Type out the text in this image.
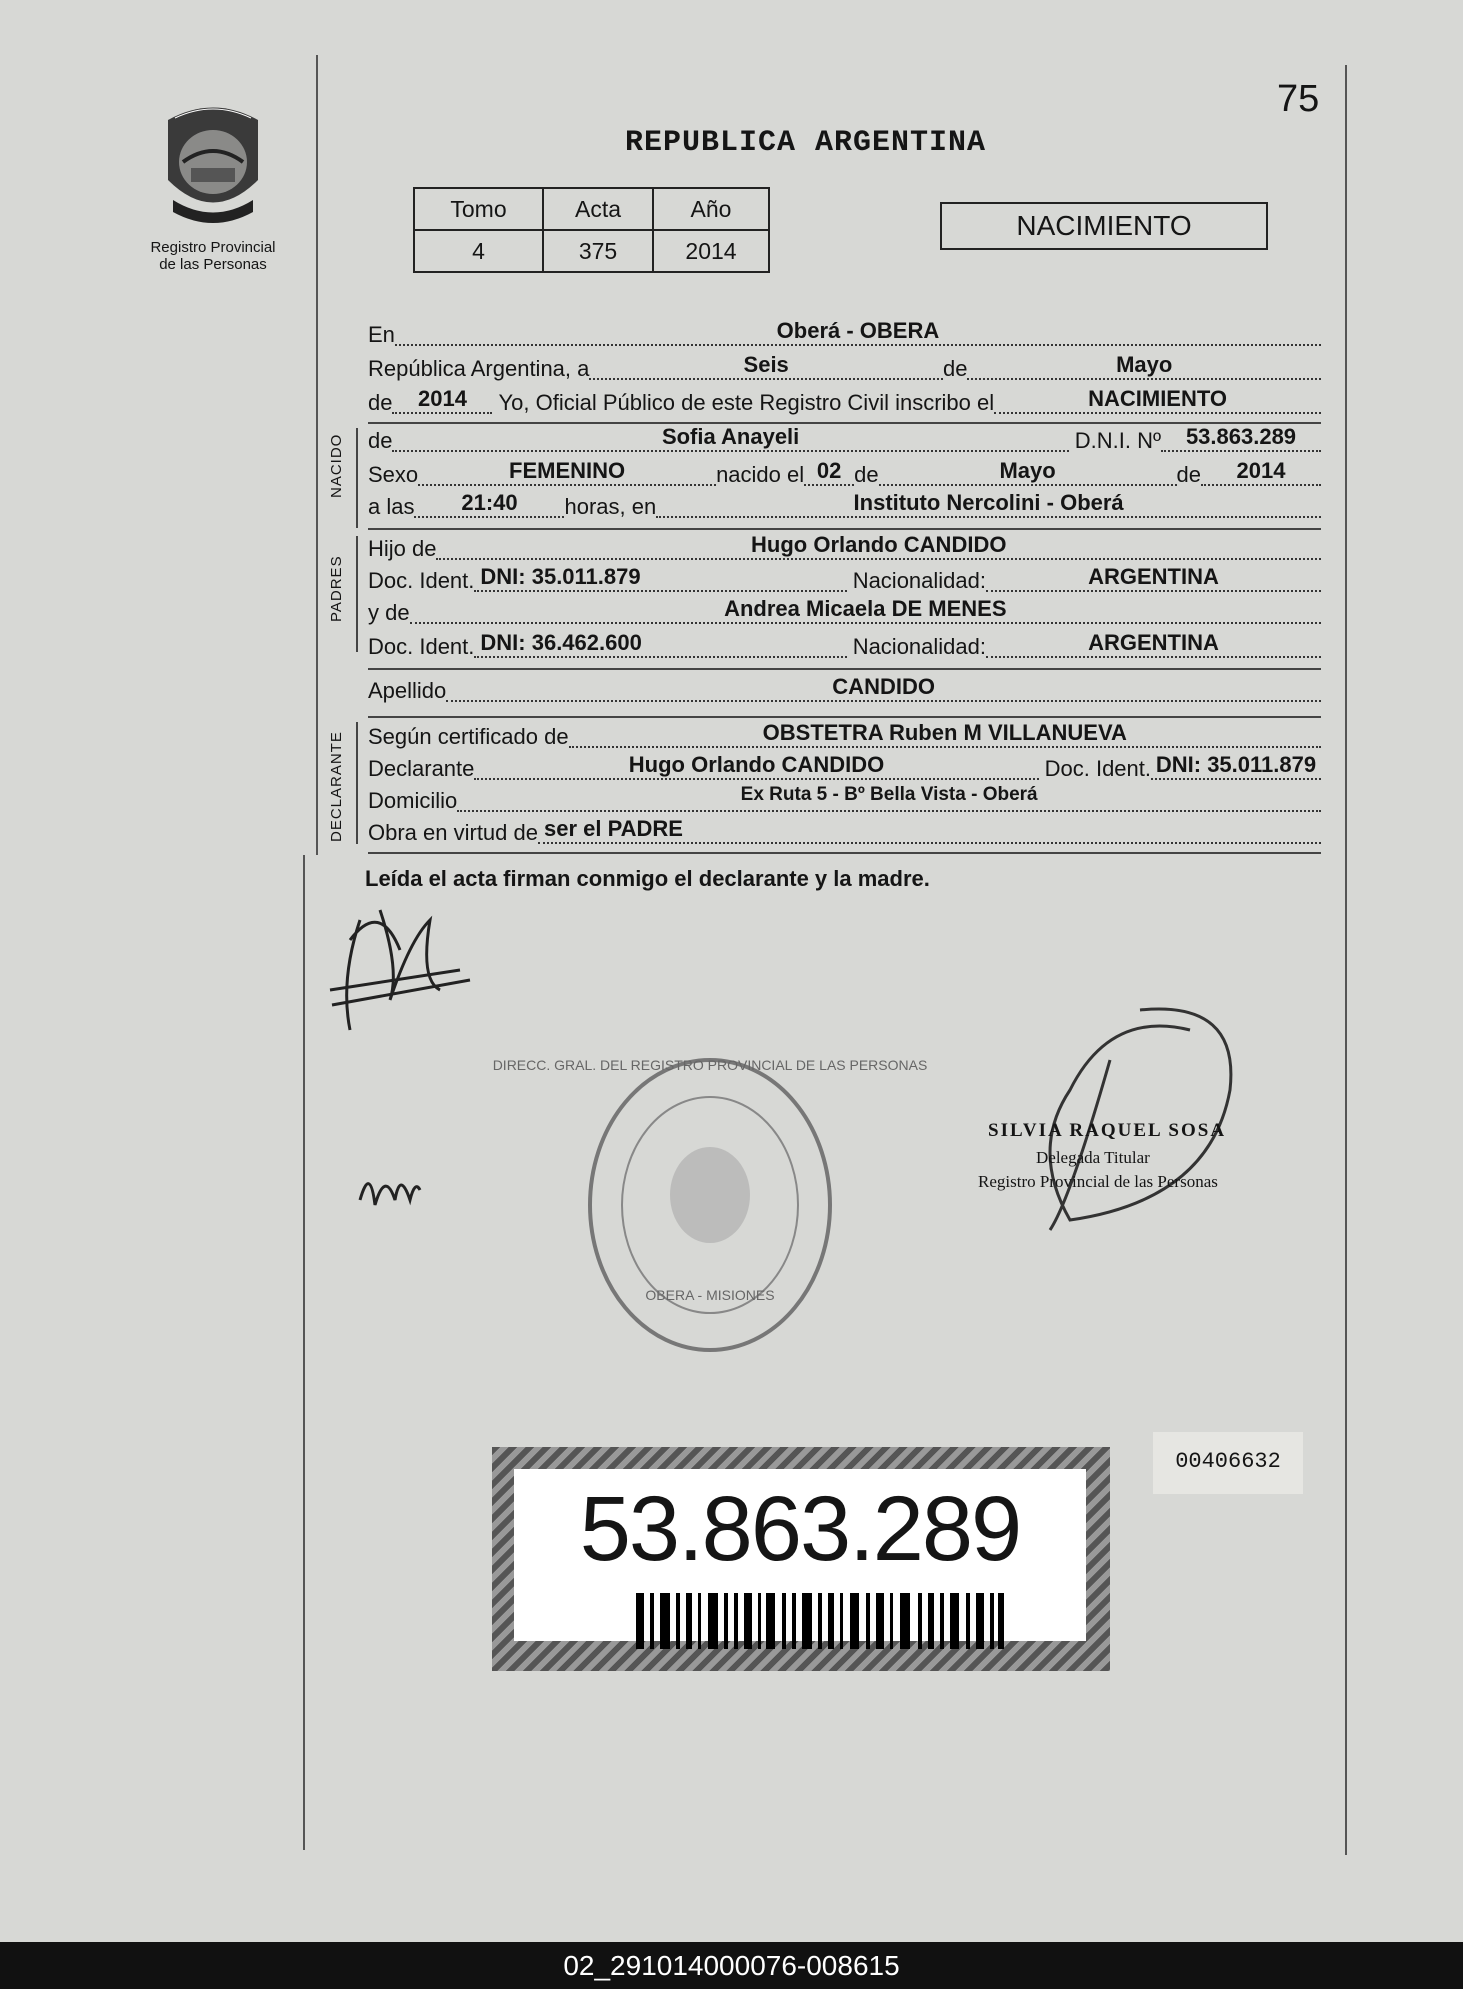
75
Registro Provincial
de las Personas
REPUBLICA ARGENTINA
Tomo	Acta	Año
4	375	2014
NACIMIENTO
En	Oberá - OBERA
República Argentina, a	Seis	de	Mayo
de	2014	Yo, Oficial Público de este Registro Civil inscribo el	NACIMIENTO
NACIDO de	Sofia Anayeli	D.N.I. Nº	53.863.289
Sexo	FEMENINO	nacido el 02 de	Mayo	de	2014
a las	21:40	horas, en	Instituto Nercolini - Oberá
PADRES
Hijo de	Hugo Orlando CANDIDO
Doc. Ident. DNI: 35.011.879	Nacionalidad:	ARGENTINA
y de	Andrea Micaela DE MENES
Doc. Ident. DNI: 36.462.600	Nacionalidad:	ARGENTINA
Apellido	CANDIDO
DECLARANTE Según certificado de	OBSTETRA Ruben M VILLANUEVA
Declarante	Hugo Orlando CANDIDO	Doc. Ident. DNI: 35.011.879
Domicilio	Ex Ruta 5 - Bº Bella Vista - Oberá
Obra en virtud de ser el PADRE
Leída el acta firman conmigo el declarante y la madre.
DIRECC. GRAL. DEL REGISTRO PROVINCIAL DE LAS PERSONAS
OBERA - MISIONES
SILVIA RAQUEL SOSA
Delegada Titular
Registro Provincial de las Personas
53.863.289
00406632
02_291014000076-008615
